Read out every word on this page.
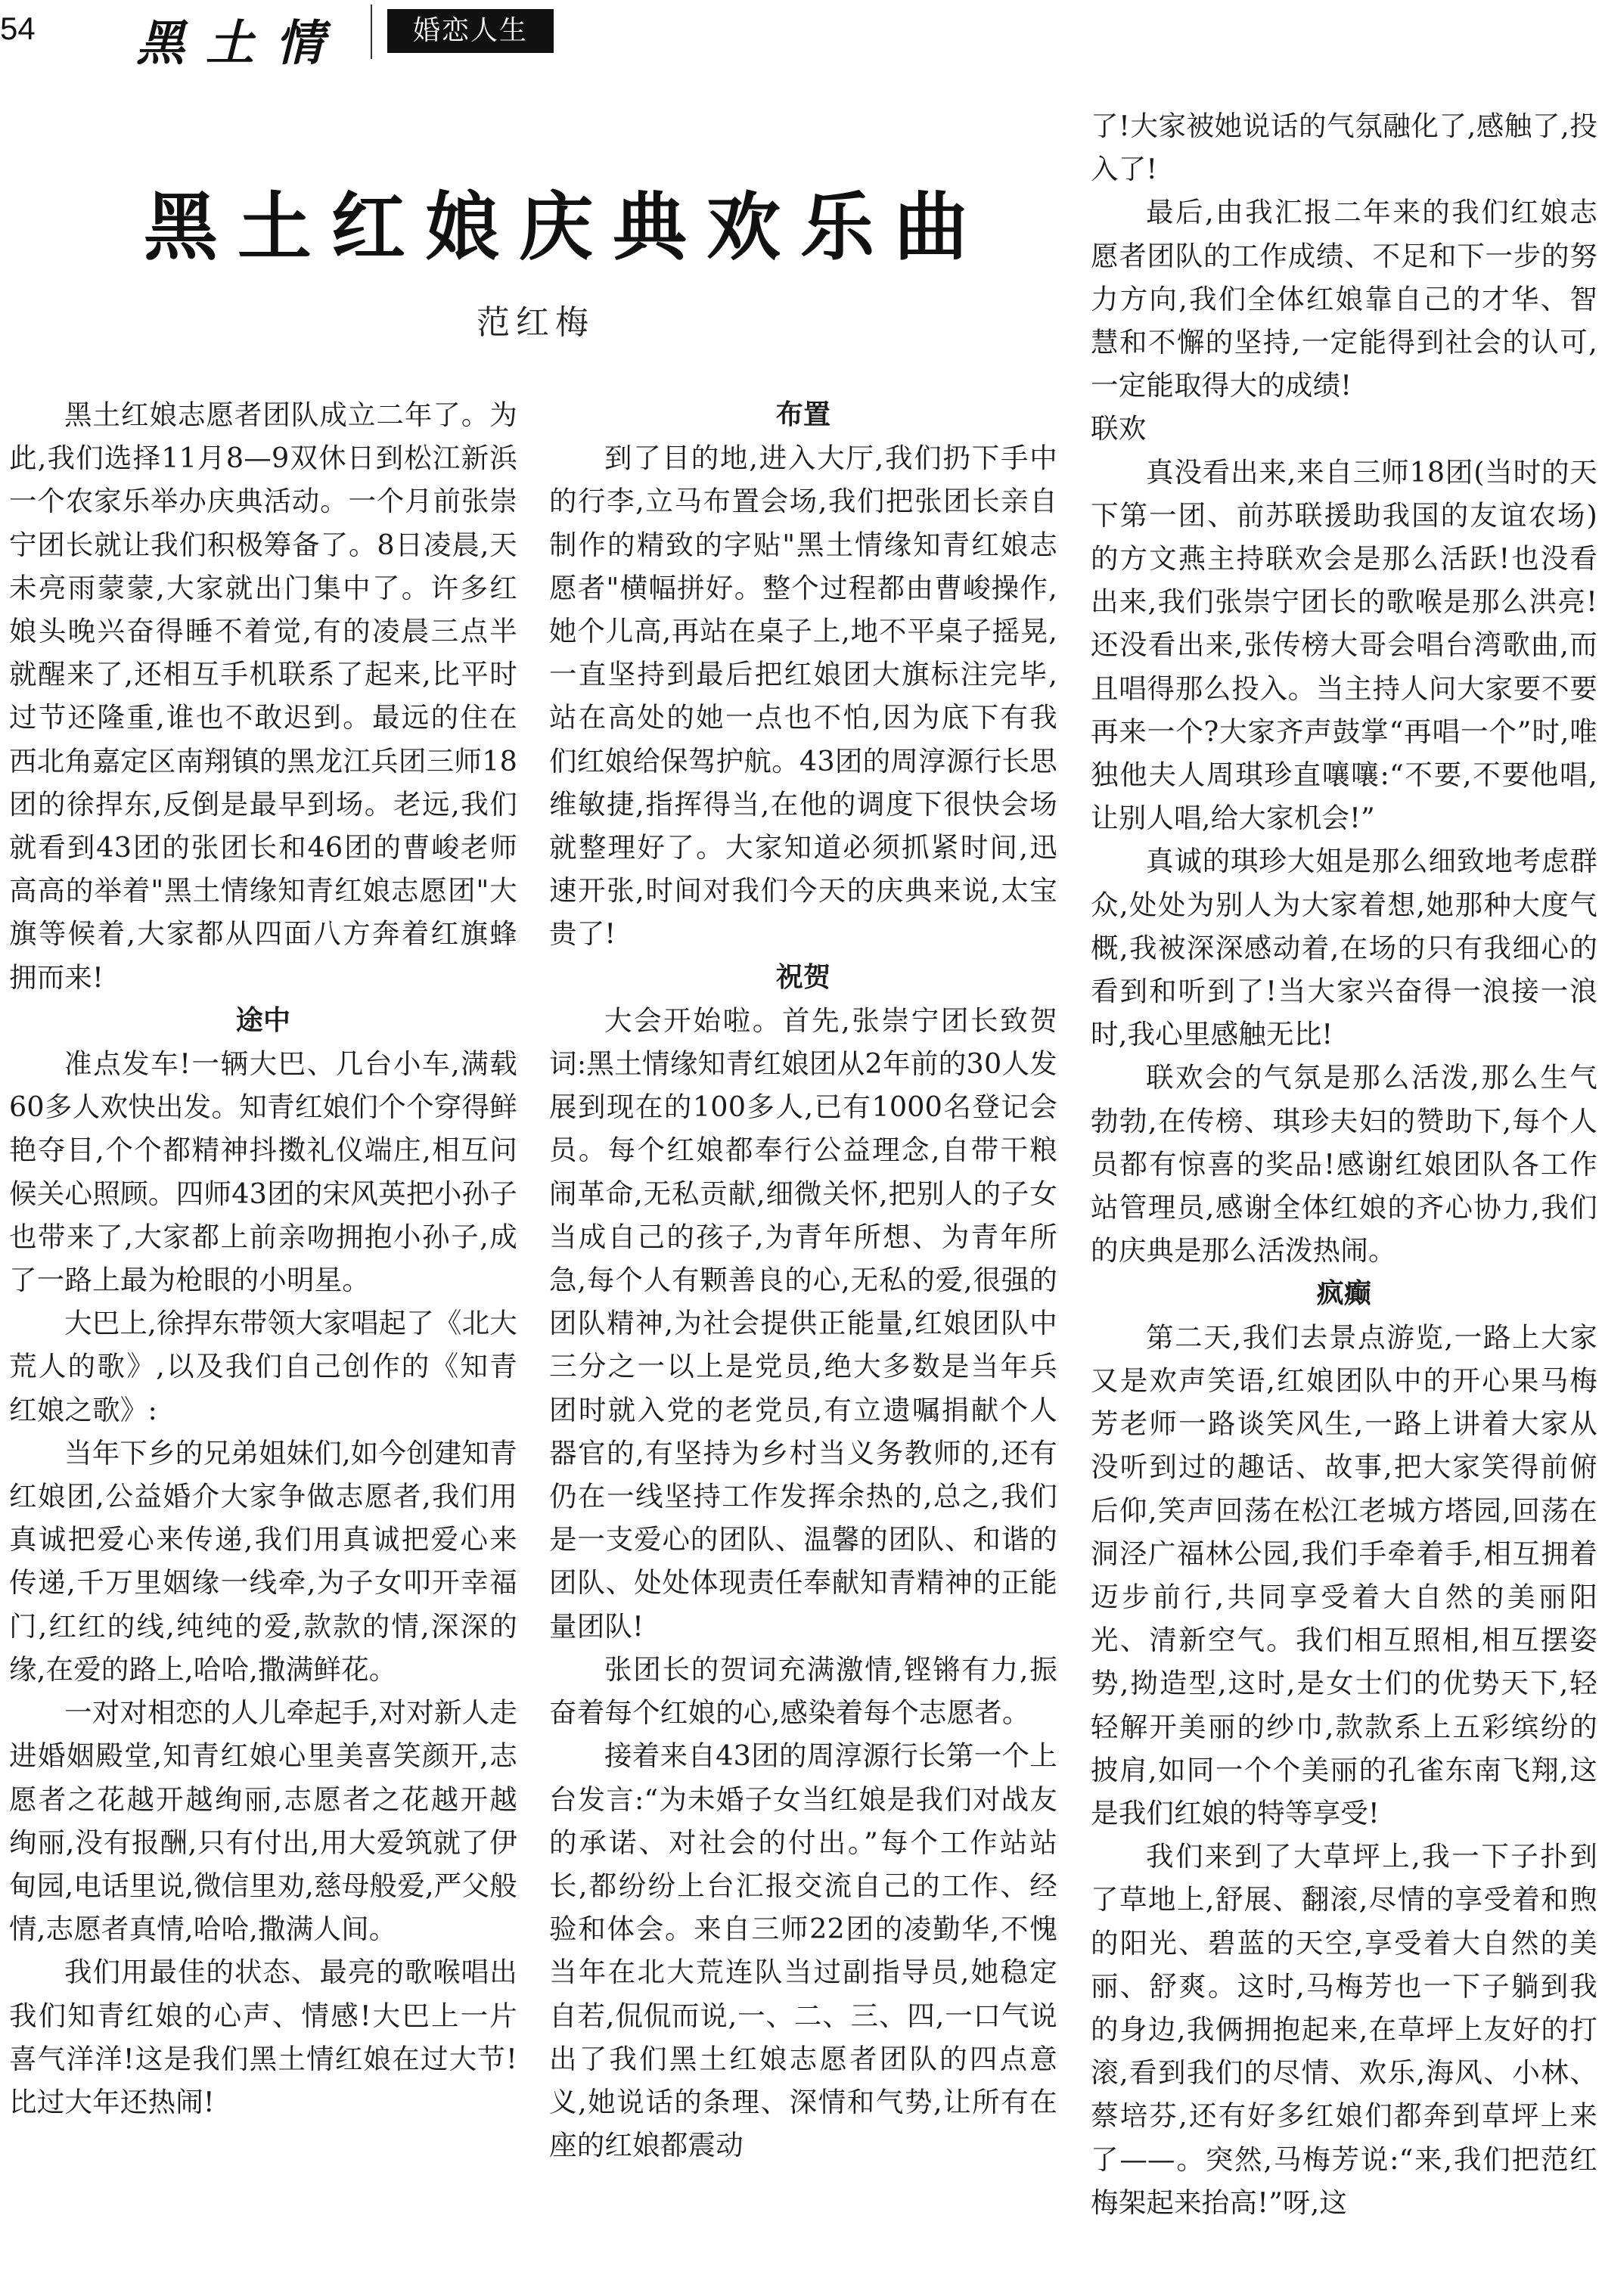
54 黑土情	婚恋人生
黑土红娘庆典欢乐曲
范红梅

黑土红娘志愿者团队成立二年了。为此,我们选择11月8—9双休日到松江新浜一个农家乐举办庆典活动。一个月前张崇宁团长就让我们积极筹备了。8日凌晨,天未亮雨蒙蒙,大家就出门集中了。许多红娘头晚兴奋得睡不着觉,有的凌晨三点半就醒来了,还相互手机联系了起来,比平时过节还隆重,谁也不敢迟到。最远的住在西北角嘉定区南翔镇的黑龙江兵团三师18团的徐捍东,反倒是最早到场。老远,我们就看到43团的张团长和46团的曹峻老师高高的举着"黑土情缘知青红娘志愿团"大旗等候着,大家都从四面八方奔着红旗蜂拥而来!

途中

准点发车!一辆大巴、几台小车,满载60多人欢快出发。知青红娘们个个穿得鲜艳夺目,个个都精神抖擞礼仪端庄,相互问候关心照顾。四师43团的宋风英把小孙子也带来了,大家都上前亲吻拥抱小孙子,成了一路上最为枪眼的小明星。

大巴上,徐捍东带领大家唱起了《北大荒人的歌》,以及我们自己创作的《知青红娘之歌》:

当年下乡的兄弟姐妹们,如今创建知青红娘团,公益婚介大家争做志愿者,我们用真诚把爱心来传递,我们用真诚把爱心来传递,千万里姻缘一线牵,为子女叩开幸福门,红红的线,纯纯的爱,款款的情,深深的缘,在爱的路上,哈哈,撒满鲜花。

一对对相恋的人儿牵起手,对对新人走进婚姻殿堂,知青红娘心里美喜笑颜开,志愿者之花越开越绚丽,志愿者之花越开越绚丽,没有报酬,只有付出,用大爱筑就了伊甸园,电话里说,微信里劝,慈母般爱,严父般情,志愿者真情,哈哈,撒满人间。

我们用最佳的状态、最亮的歌喉唱出我们知青红娘的心声、情感!大巴上一片喜气洋洋!这是我们黑土情红娘在过大节!比过大年还热闹!

布置

到了目的地,进入大厅,我们扔下手中的行李,立马布置会场,我们把张团长亲自制作的精致的字贴"黑土情缘知青红娘志愿者"横幅拼好。整个过程都由曹峻操作,她个儿高,再站在桌子上,地不平桌子摇晃,一直坚持到最后把红娘团大旗标注完毕,站在高处的她一点也不怕,因为底下有我们红娘给保驾护航。43团的周淳源行长思维敏捷,指挥得当,在他的调度下很快会场就整理好了。大家知道必须抓紧时间,迅速开张,时间对我们今天的庆典来说,太宝贵了!

祝贺

大会开始啦。首先,张崇宁团长致贺词:黑土情缘知青红娘团从2年前的30人发展到现在的100多人,已有1000名登记会员。每个红娘都奉行公益理念,自带干粮闹革命,无私贡献,细微关怀,把别人的子女当成自己的孩子,为青年所想、为青年所急,每个人有颗善良的心,无私的爱,很强的团队精神,为社会提供正能量,红娘团队中三分之一以上是党员,绝大多数是当年兵团时就入党的老党员,有立遗嘱捐献个人器官的,有坚持为乡村当义务教师的,还有仍在一线坚持工作发挥余热的,总之,我们是一支爱心的团队、温馨的团队、和谐的团队、处处体现责任奉献知青精神的正能量团队!

张团长的贺词充满激情,铿锵有力,振奋着每个红娘的心,感染着每个志愿者。

接着来自43团的周淳源行长第一个上台发言:“为未婚子女当红娘是我们对战友的承诺、对社会的付出。”每个工作站站长,都纷纷上台汇报交流自己的工作、经验和体会。来自三师22团的凌勤华,不愧当年在北大荒连队当过副指导员,她稳定自若,侃侃而说,一、二、三、四,一口气说出了我们黑土红娘志愿者团队的四点意义,她说话的条理、深情和气势,让所有在座的红娘都震动

了!大家被她说话的气氛融化了,感触了,投入了!

最后,由我汇报二年来的我们红娘志愿者团队的工作成绩、不足和下一步的努力方向,我们全体红娘靠自己的才华、智慧和不懈的坚持,一定能得到社会的认可,一定能取得大的成绩!

联欢

真没看出来,来自三师18团(当时的天下第一团、前苏联援助我国的友谊农场)的方文燕主持联欢会是那么活跃!也没看出来,我们张崇宁团长的歌喉是那么洪亮!还没看出来,张传榜大哥会唱台湾歌曲,而且唱得那么投入。当主持人问大家要不要再来一个?大家齐声鼓掌“再唱一个”时,唯独他夫人周琪珍直嚷嚷:“不要,不要他唱,让别人唱,给大家机会!”

真诚的琪珍大姐是那么细致地考虑群众,处处为别人为大家着想,她那种大度气概,我被深深感动着,在场的只有我细心的看到和听到了!当大家兴奋得一浪接一浪时,我心里感触无比!

联欢会的气氛是那么活泼,那么生气勃勃,在传榜、琪珍夫妇的赞助下,每个人员都有惊喜的奖品!感谢红娘团队各工作站管理员,感谢全体红娘的齐心协力,我们的庆典是那么活泼热闹。

疯癫

第二天,我们去景点游览,一路上大家又是欢声笑语,红娘团队中的开心果马梅芳老师一路谈笑风生,一路上讲着大家从没听到过的趣话、故事,把大家笑得前俯后仰,笑声回荡在松江老城方塔园,回荡在洞泾广福林公园,我们手牵着手,相互拥着迈步前行,共同享受着大自然的美丽阳光、清新空气。我们相互照相,相互摆姿势,拗造型,这时,是女士们的优势天下,轻轻解开美丽的纱巾,款款系上五彩缤纷的披肩,如同一个个美丽的孔雀东南飞翔,这是我们红娘的特等享受!

我们来到了大草坪上,我一下子扑到了草地上,舒展、翻滚,尽情的享受着和煦的阳光、碧蓝的天空,享受着大自然的美丽、舒爽。这时,马梅芳也一下子躺到我的身边,我俩拥抱起来,在草坪上友好的打滚,看到我们的尽情、欢乐,海风、小林、蔡培芬,还有好多红娘们都奔到草坪上来了——。突然,马梅芳说:“来,我们把范红梅架起来抬高!”呀,这
